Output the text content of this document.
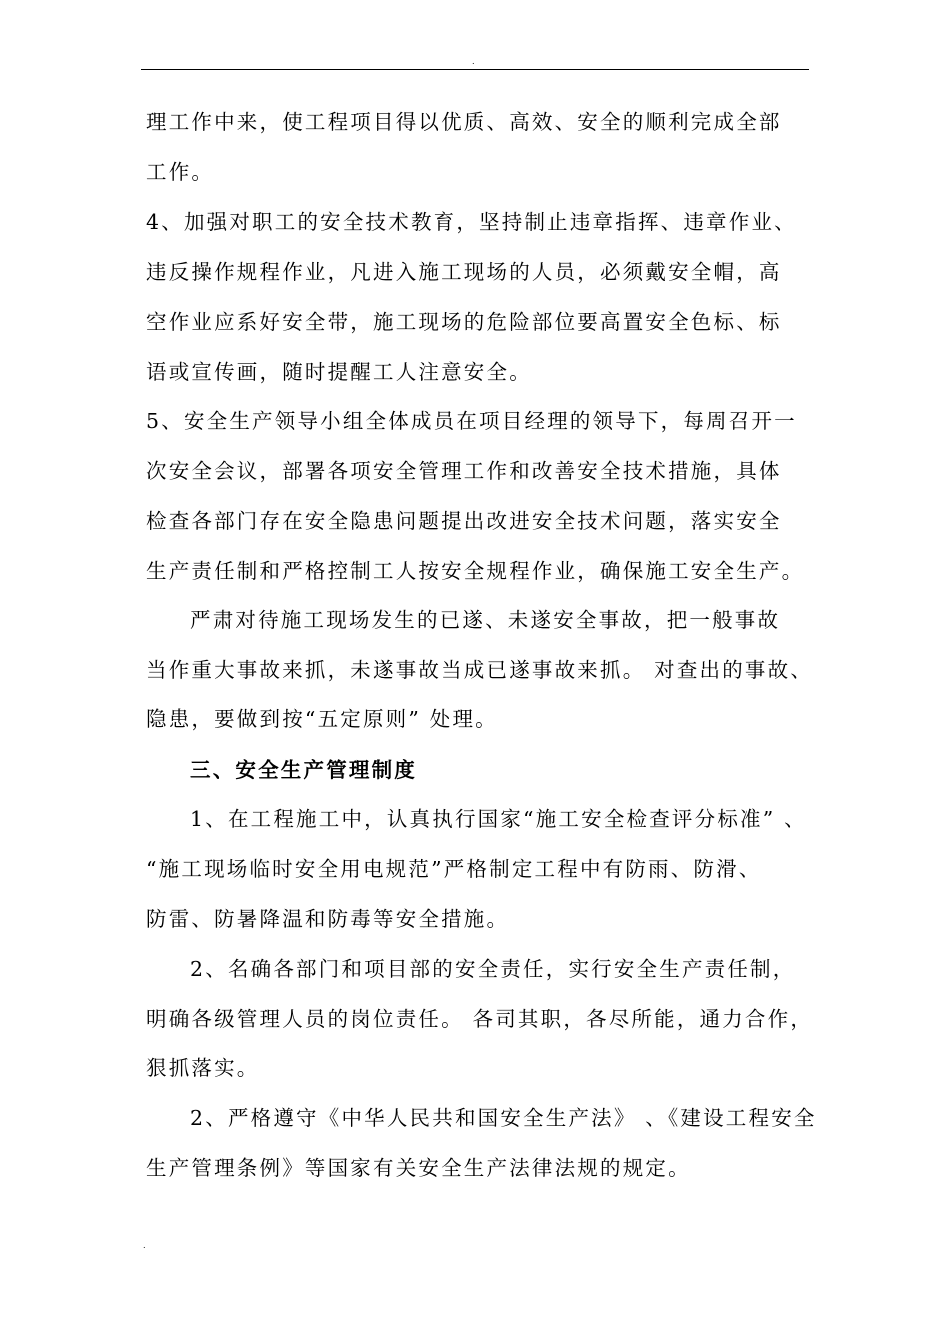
.
理工作中来，使工程项目得以优质、高效、安全的顺利完成全部
工作。
4、加强对职工的安全技术教育，坚持制止违章指挥、违章作业、
违反操作规程作业，凡进入施工现场的人员，必须戴安全帽，高
空作业应系好安全带，施工现场的危险部位要高置安全色标、标
语或宣传画，随时提醒工人注意安全。
5、安全生产领导小组全体成员在项目经理的领导下，每周召开一
次安全会议，部署各项安全管理工作和改善安全技术措施，具体
检查各部门存在安全隐患问题提出改进安全技术问题，落实安全
生产责任制和严格控制工人按安全规程作业，确保施工安全生产。
严肃对待施工现场发生的已遂、未遂安全事故，把一般事故
当作重大事故来抓，未遂事故当成已遂事故来抓。 对查出的事故、
隐患，要做到按“五定原则” 处理。
三、安全生产管理制度
1、在工程施工中，认真执行国家“施工安全检查评分标准” 、
“施工现场临时安全用电规范”严格制定工程中有防雨、防滑、
防雷、防暑降温和防毒等安全措施。
2、名确各部门和项目部的安全责任，实行安全生产责任制，
明确各级管理人员的岗位责任。 各司其职，各尽所能，通力合作，
狠抓落实。
2、严格遵守《中华人民共和国安全生产法》 、《建设工程安全
生产管理条例》等国家有关安全生产法律法规的规定。
.
